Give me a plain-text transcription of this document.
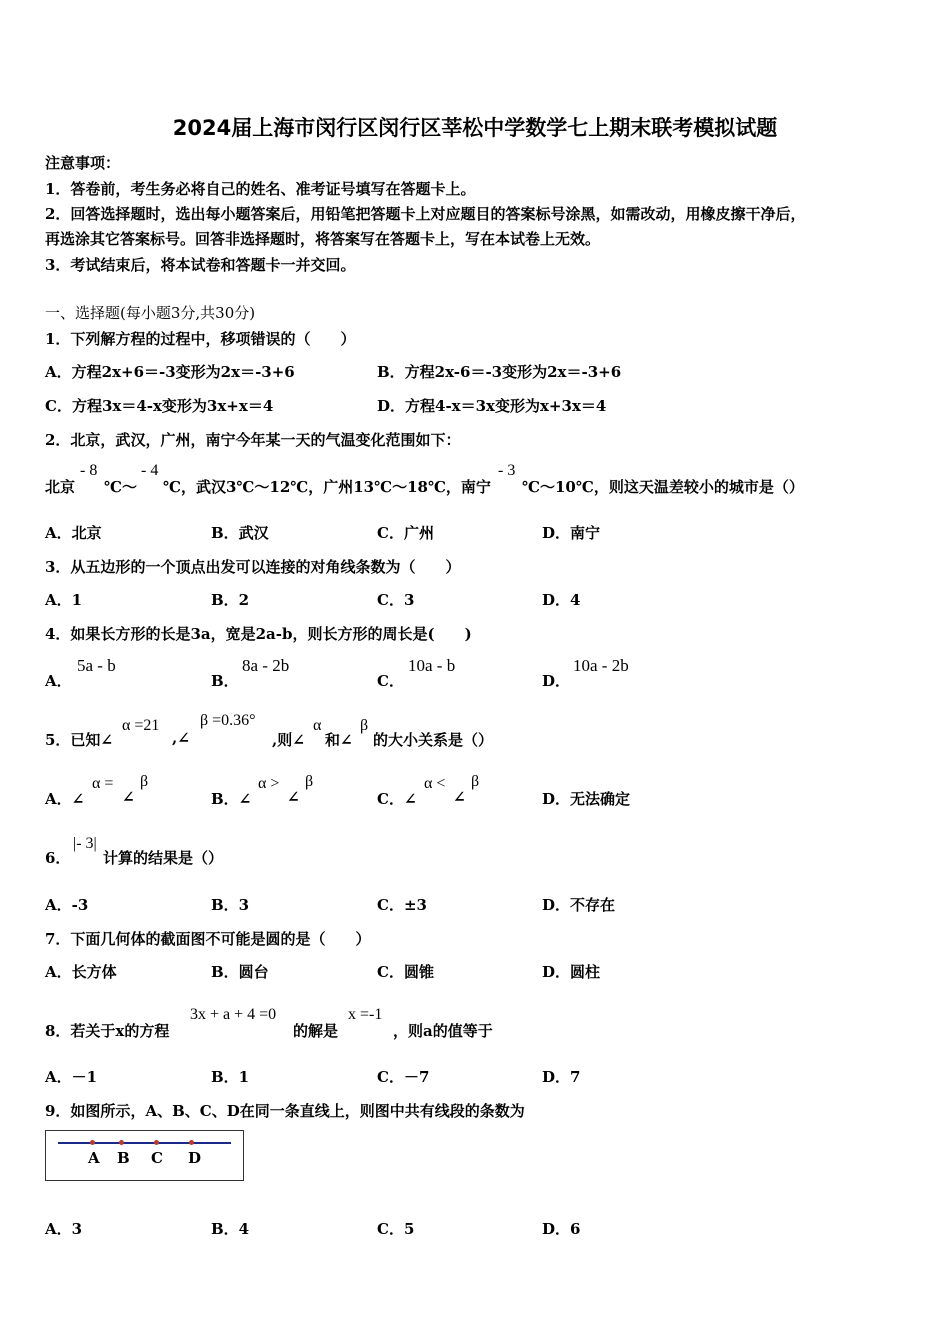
2024届上海市闵行区闵行区莘松中学数学七上期末联考模拟试题
注意事项：
1．答卷前，考生务必将自己的姓名、准考证号填写在答题卡上。
2．回答选择题时，选出每小题答案后，用铅笔把答题卡上对应题目的答案标号涂黑，如需改动，用橡皮擦干净后，
再选涂其它答案标号。回答非选择题时，将答案写在答题卡上，写在本试卷上无效。
3．考试结束后，将本试卷和答题卡一并交回。
一、选择题(每小题3分,共30分)
1．下列解方程的过程中，移项错误的（　　）
A．方程2x+6＝-3变形为2x＝-3+6	B．方程2x-6＝-3变形为2x＝-3+6
C．方程3x＝4-x变形为3x+x＝4	D．方程4-x＝3x变形为x+3x＝4
2．北京，武汉，广州，南宁今年某一天的气温变化范围如下：
北京
- 8
℃～
- 4
℃，武汉3℃～12℃，广州13℃～18℃，南宁
- 3
℃～10℃，则这天温差较小的城市是（）
A．北京	B．武汉	C．广州	D．南宁
3．从五边形的一个顶点出发可以连接的对角线条数为（　　）
A．1	B．2	C．3	D．4
4．如果长方形的长是3a，宽是2a-b，则长方形的周长是(　　)
A．
5a - b
B．
8a - 2b
C．
10a - b
D．
10a - 2b
5．已知∠
α =21
,∠
β =0.36°
,则∠
α
和∠
β
的大小关系是（）
A．∠
α =
∠
β
B．∠
α >
∠
β
C．∠
α <
∠
β
D．无法确定
6．
|- 3|
计算的结果是（）
A．-3	B．3	C．±3	D．不存在
7．下面几何体的截面图不可能是圆的是（　　）
A．长方体	B．圆台	C．圆锥	D．圆柱
8．若关于x的方程
3x + a + 4 =0
的解是
x =-1
，则a的值等于
A．－1	B．1	C．－7	D．7
9．如图所示，A、B、C、D在同一条直线上，则图中共有线段的条数为
A B C D
A．3	B．4	C．5	D．6
